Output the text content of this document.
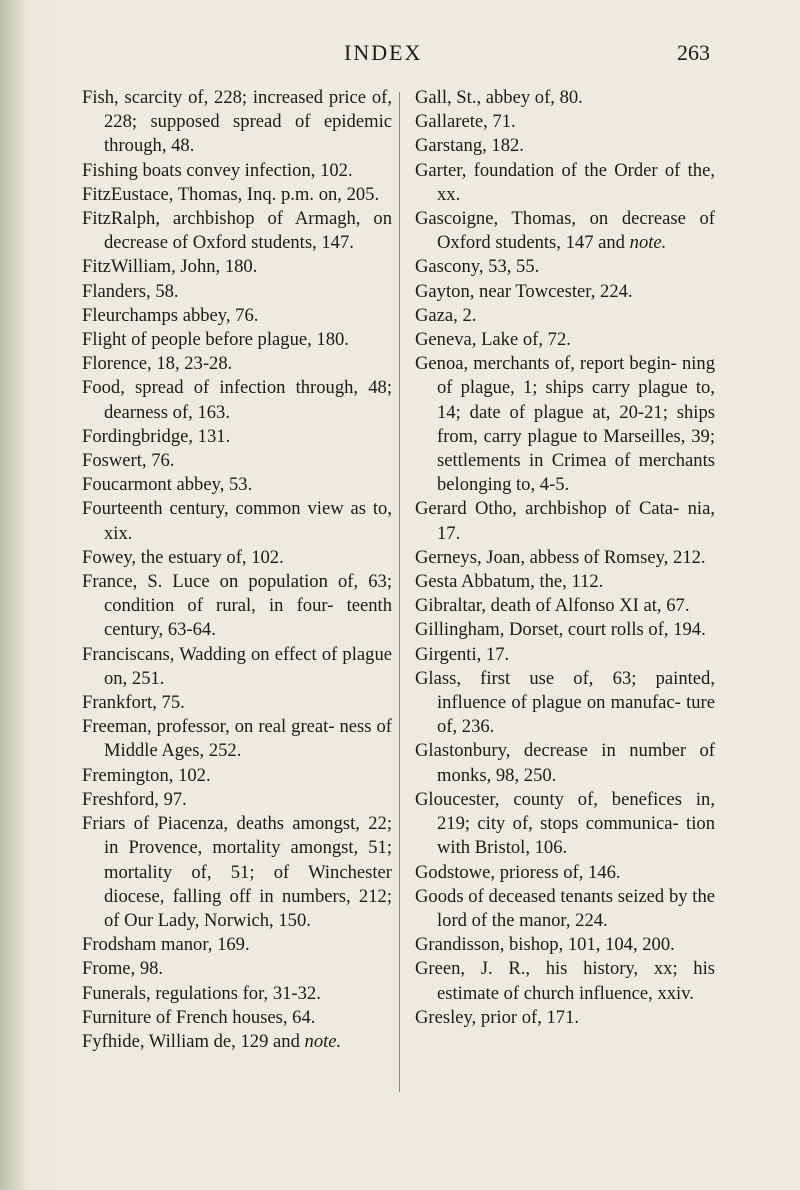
INDEX	263

Fish, scarcity of, 228; increased price of, 228; supposed spread of epidemic through, 48.

Fishing boats convey infection, 102.

FitzEustace, Thomas, Inq. p.m. on, 205.

FitzRalph, archbishop of Armagh, on decrease of Oxford students, 147.

FitzWilliam, John, 180.

Flanders, 58.

Fleurchamps abbey, 76.

Flight of people before plague, 180.

Florence, 18, 23-28.

Food, spread of infection through, 48; dearness of, 163.

Fordingbridge, 131.

Foswert, 76.

Foucarmont abbey, 53.

Fourteenth century, common view as to, xix.

Fowey, the estuary of, 102.

France, S. Luce on population of, 63; condition of rural, in four- teenth century, 63-64.

Franciscans, Wadding on effect of plague on, 251.

Frankfort, 75.

Freeman, professor, on real great- ness of Middle Ages, 252.

Fremington, 102.

Freshford, 97.

Friars of Piacenza, deaths amongst, 22; in Provence, mortality amongst, 51; mortality of, 51; of Winchester diocese, falling off in numbers, 212; of Our Lady, Norwich, 150.

Frodsham manor, 169.

Frome, 98.

Funerals, regulations for, 31-32.

Furniture of French houses, 64.

Fyfhide, William de, 129 and note.

Gall, St., abbey of, 80.

Gallarete, 71.

Garstang, 182.

Garter, foundation of the Order of the, xx.

Gascoigne, Thomas, on decrease of Oxford students, 147 and note.

Gascony, 53, 55.

Gayton, near Towcester, 224.

Gaza, 2.

Geneva, Lake of, 72.

Genoa, merchants of, report begin- ning of plague, 1; ships carry plague to, 14; date of plague at, 20-21; ships from, carry plague to Marseilles, 39; settlements in Crimea of merchants belonging to, 4-5.

Gerard Otho, archbishop of Cata- nia, 17.

Gerneys, Joan, abbess of Romsey, 212.

Gesta Abbatum, the, 112.

Gibraltar, death of Alfonso XI at, 67.

Gillingham, Dorset, court rolls of, 194.

Girgenti, 17.

Glass, first use of, 63; painted, influence of plague on manufac- ture of, 236.

Glastonbury, decrease in number of monks, 98, 250.

Gloucester, county of, benefices in, 219; city of, stops communica- tion with Bristol, 106.

Godstowe, prioress of, 146.

Goods of deceased tenants seized by the lord of the manor, 224.

Grandisson, bishop, 101, 104, 200.

Green, J. R., his history, xx; his estimate of church influence, xxiv.

Gresley, prior of, 171.
